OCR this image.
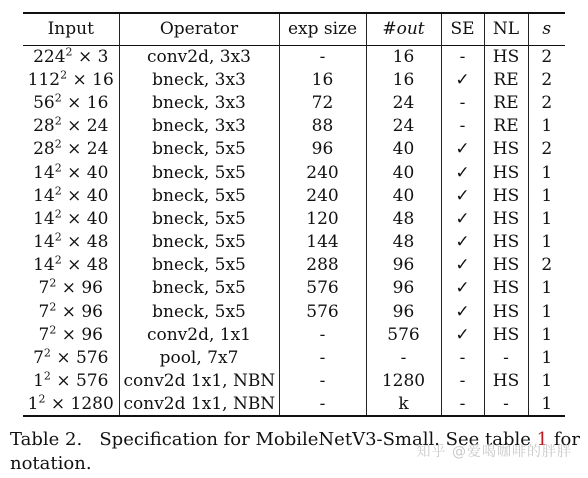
Input	Operator	exp size	#out	SE	NL	s
$224^2 \times 3$	conv2d, 3x3	-	16	-	HS	2
$112^2 \times 16$	bneck, 3x3	16	16	✓	RE	2
$56^2 \times 16$	bneck, 3x3	72	24	-	RE	2
$28^2 \times 24$	bneck, 3x3	88	24	-	RE	1
$28^2 \times 24$	bneck, 5x5	96	40	✓	HS	2
$14^2 \times 40$	bneck, 5x5	240	40	✓	HS	1
$14^2 \times 40$	bneck, 5x5	240	40	✓	HS	1
$14^2 \times 40$	bneck, 5x5	120	48	✓	HS	1
$14^2 \times 48$	bneck, 5x5	144	48	✓	HS	1
$14^2 \times 48$	bneck, 5x5	288	96	✓	HS	2
$7^2 \times 96$	bneck, 5x5	576	96	✓	HS	1
$7^2 \times 96$	bneck, 5x5	576	96	✓	HS	1
$7^2 \times 96$	conv2d, 1x1	-	576	✓	HS	1
$7^2 \times 576$	pool, 7x7	-	-	-	-	1
$1^2 \times 576$	conv2d 1x1, NBN	-	1280	-	HS	1
$1^2 \times 1280$	conv2d 1x1, NBN	-	k	-	-	1

Table 2. Specification for MobileNetV3-Small. See table 1 for notation.

知乎 @爱喝咖啡的胖胖
